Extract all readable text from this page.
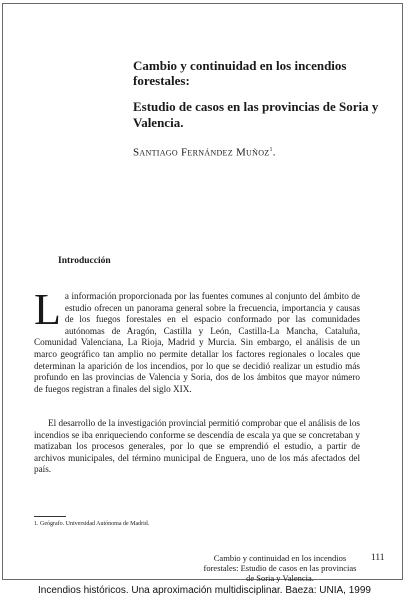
Cambio y continuidad en los incendios forestales:
Estudio de casos en las provincias de Soria y Valencia.
Santiago Fernández Muñoz$^1$.
Introducción
La información proporcionada por las fuentes comunes al conjunto del ámbito de estudio ofrecen un panorama general sobre la frecuencia, importancia y causas de los fuegos forestales en el espacio conformado por las comunidades autónomas de Aragón, Castilla y León, Castilla-La Mancha, Cataluña, Comunidad Valenciana, La Rioja, Madrid y Murcia. Sin embargo, el análisis de un marco geográfico tan amplio no permite detallar los factores regionales o locales que determinan la aparición de los incendios, por lo que se decidió realizar un estudio más profundo en las provincias de Valencia y Soria, dos de los ámbitos que mayor número de fuegos registran a finales del siglo XIX.
El desarrollo de la investigación provincial permitió comprobar que el análisis de los incendios se iba enriqueciendo conforme se descendía de escala ya que se concretaban y matizaban los procesos generales, por lo que se emprendió el estudio, a partir de archivos municipales, del término municipal de Enguera, uno de los más afectados del país.
1. Geógrafo. Universidad Autónoma de Madrid.
Cambio y continuidad en los incendios forestales: Estudio de casos en las provincias de Soria y Valencia.
111
Incendios históricos. Una aproximación multidisciplinar. Baeza: UNIA, 1999
